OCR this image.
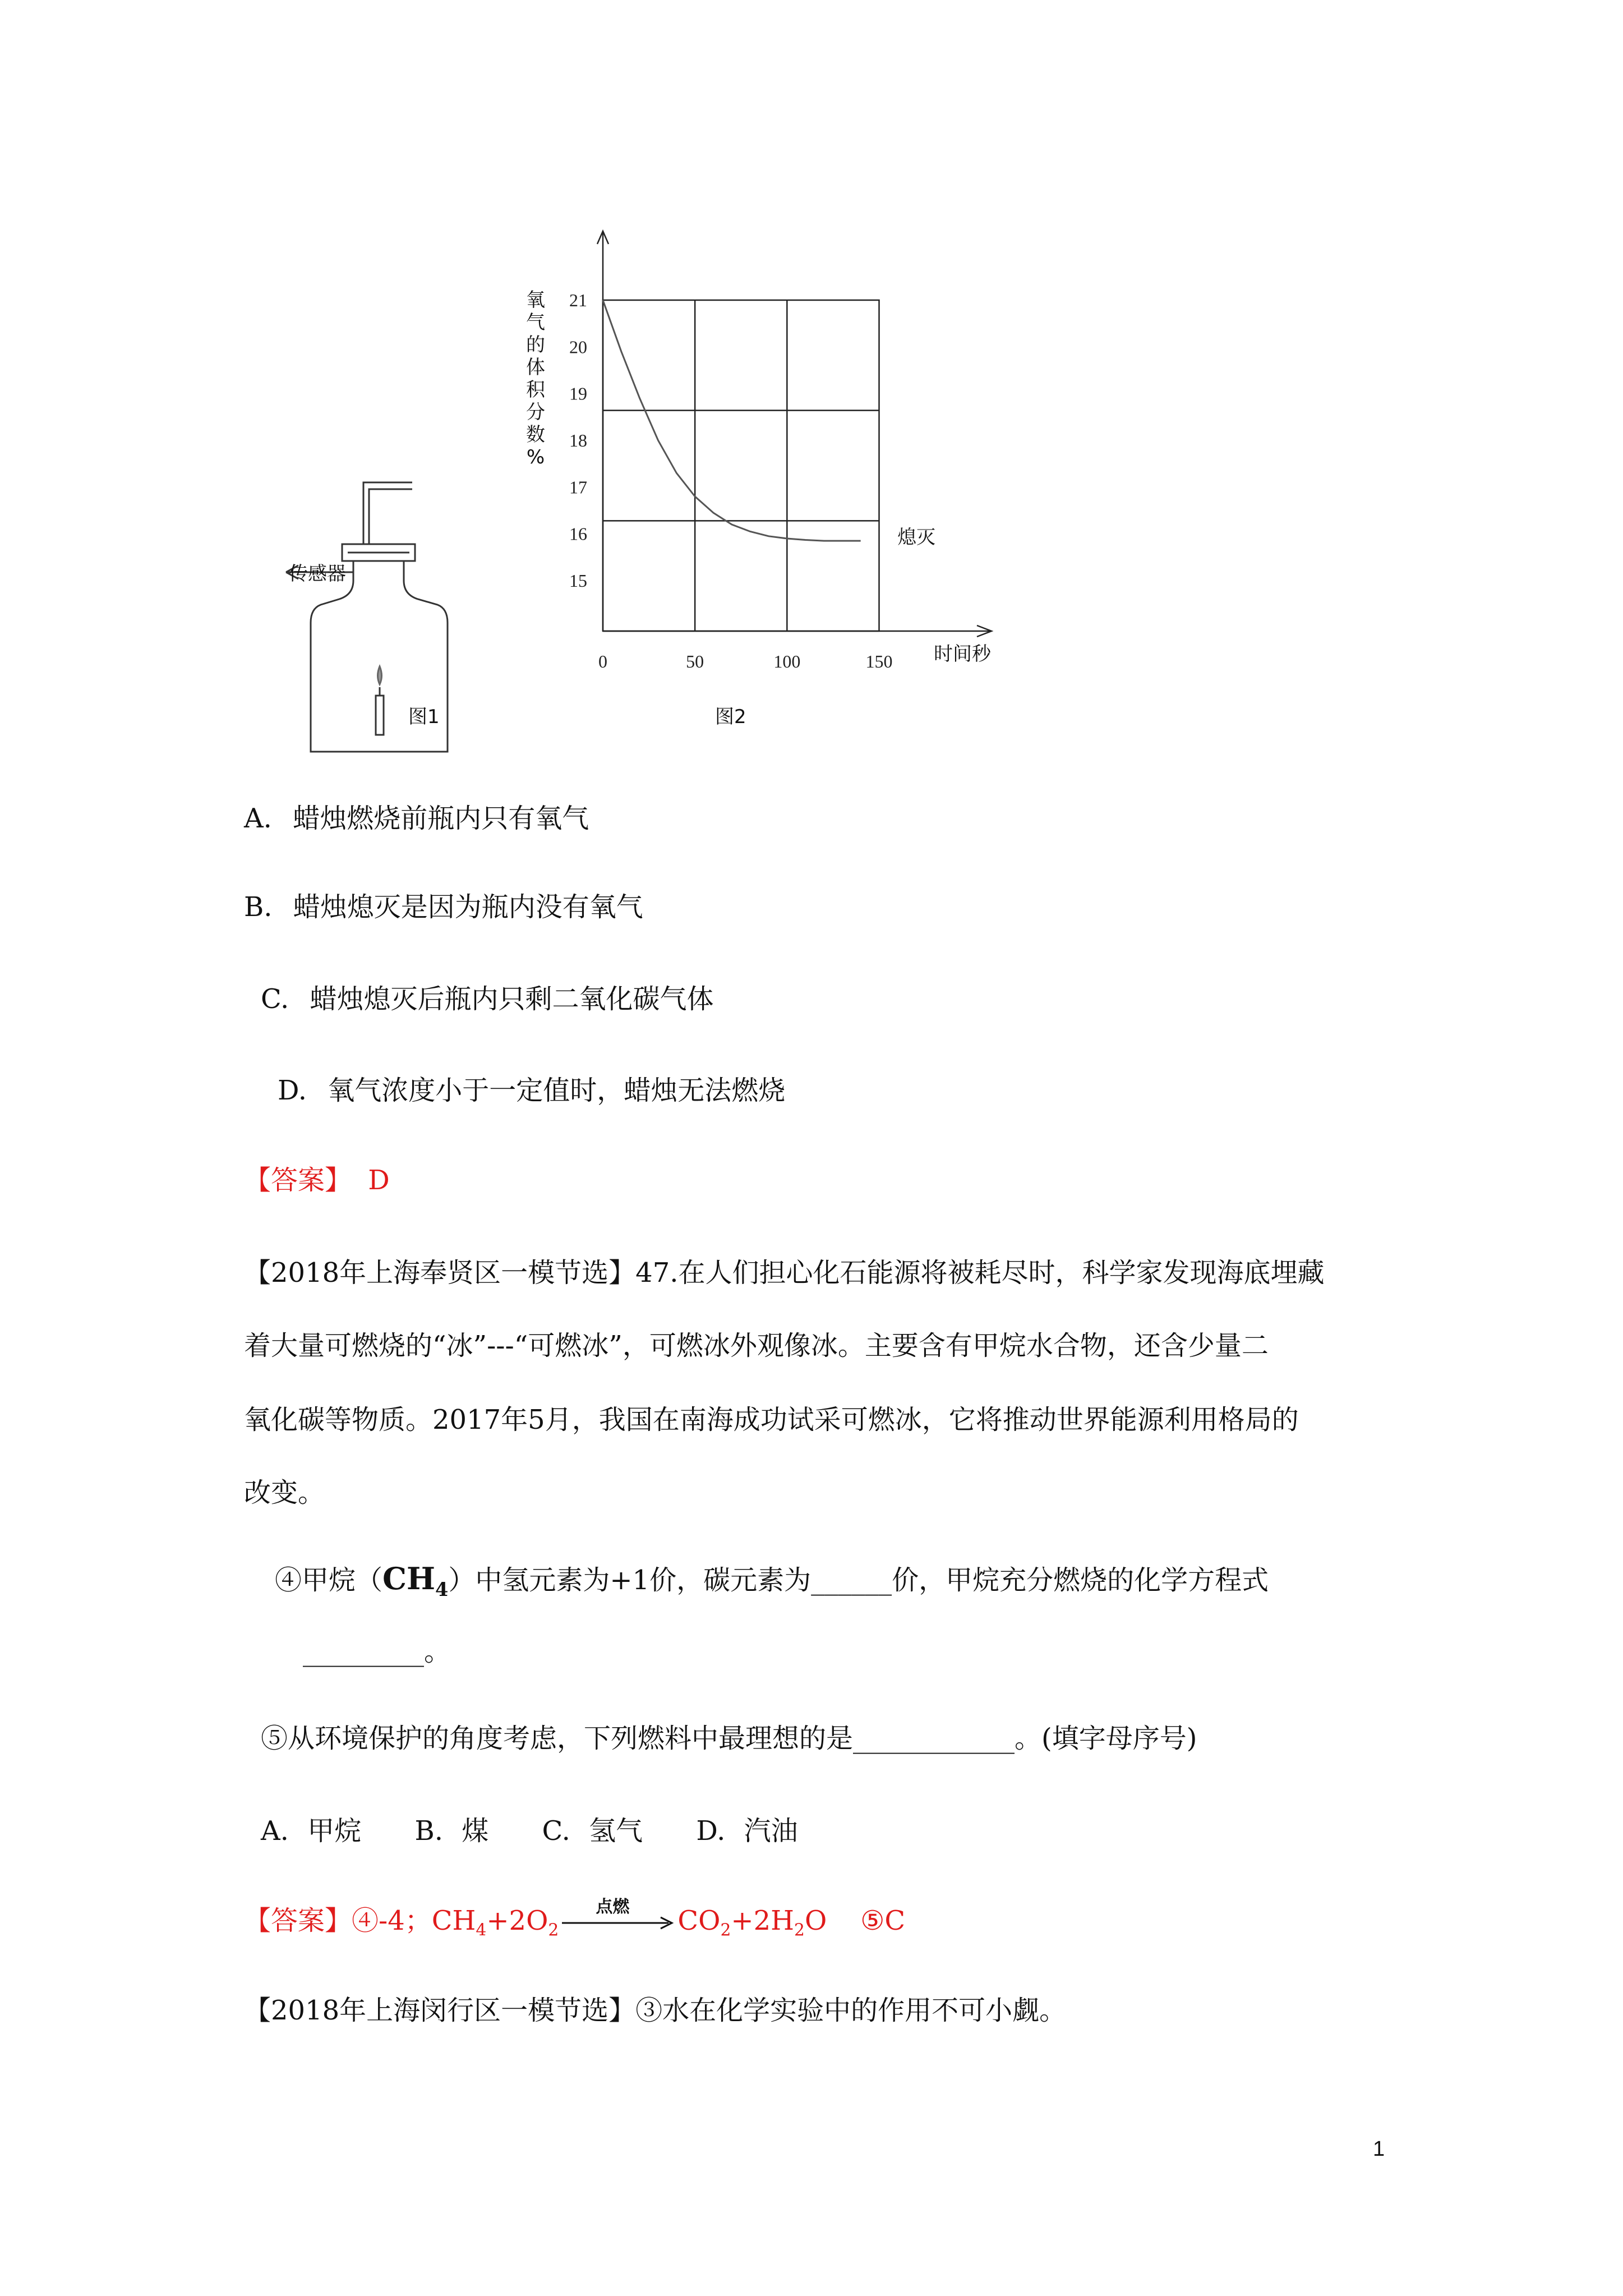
传感器
图1
氧
气
的
体
积
分
数
%
15
16
17
18
19
20
21
0	50	100	150
熄灭
时间秒
图2
A. 蜡烛燃烧前瓶内只有氧气
B. 蜡烛熄灭是因为瓶内没有氧气
C. 蜡烛熄灭后瓶内只剩二氧化碳气体
D. 氧气浓度小于一定值时，蜡烛无法燃烧
【答案】 D
【2018年上海奉贤区一模节选】47.在人们担心化石能源将被耗尽时，科学家发现海底埋藏
着大量可燃烧的“冰”---“可燃冰”，可燃冰外观像冰。主要含有甲烷水合物，还含少量二
氧化碳等物质。2017年5月，我国在南海成功试采可燃冰，它将推动世界能源利用格局的
改变。
④甲烷$(CH_4)$中氢元素为+1价，碳元素为______价，甲烷充分燃烧的化学方程式
_________。
⑤从环境保护的角度考虑，下列燃料中最理想的是____________。(填字母序号)
A. 甲烷 B. 煤 C. 氢气 D. 汽油
【答案】④-4；$CH_4+2O_2$
点燃 $CO_2+2H_2O$ ⑤C
【2018年上海闵行区一模节选】③水在化学实验中的作用不可小觑。
1
